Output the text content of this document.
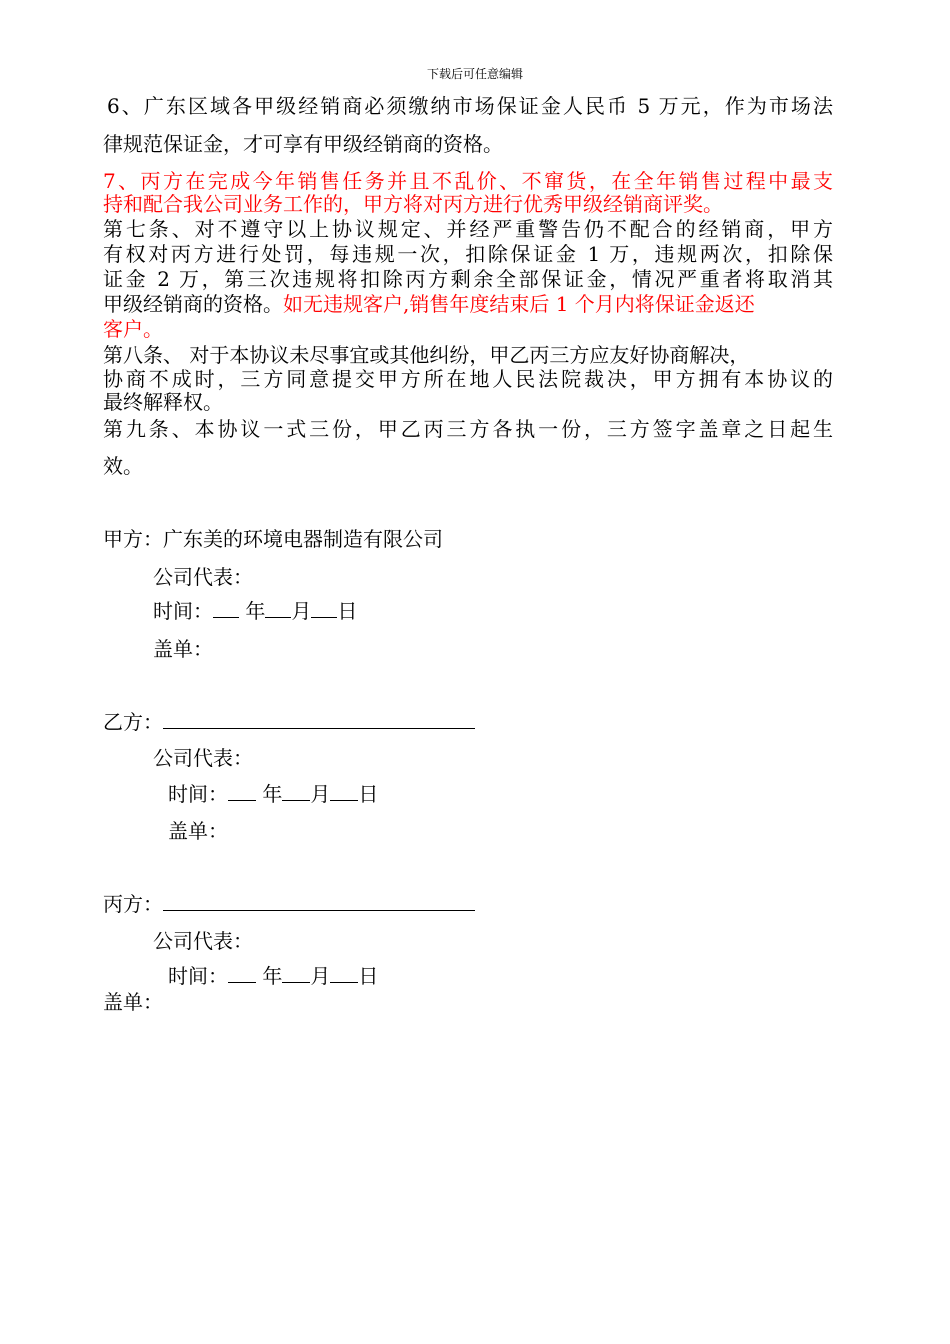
下载后可任意编辑
6、广东区域各甲级经销商必须缴纳市场保证金人民币 5 万元，作为市场法
律规范保证金，才可享有甲级经销商的资格。
7、丙方在完成今年销售任务并且不乱价、不窜货，在全年销售过程中最支
持和配合我公司业务工作的，甲方将对丙方进行优秀甲级经销商评奖。
第七条、对不遵守以上协议规定、并经严重警告仍不配合的经销商，甲方
有权对丙方进行处罚，每违规一次，扣除保证金 1 万，违规两次，扣除保
证金 2 万，第三次违规将扣除丙方剩余全部保证金，情况严重者将取消其
甲级经销商的资格。如无违规客户,销售年度结束后 1 个月内将保证金返还
客户。
第八条、 对于本协议未尽事宜或其他纠纷，甲乙丙三方应友好协商解决，
协商不成时，三方同意提交甲方所在地人民法院裁决，甲方拥有本协议的
最终解释权。
第九条、本协议一式三份，甲乙丙三方各执一份，三方签字盖章之日起生
效。
甲方：广东美的环境电器制造有限公司
公司代表：
时间： 年 月 日
盖单：
乙方：
公司代表：
时间： 年 月 日
盖单：
丙方：
公司代表：
时间： 年 月 日
盖单：
